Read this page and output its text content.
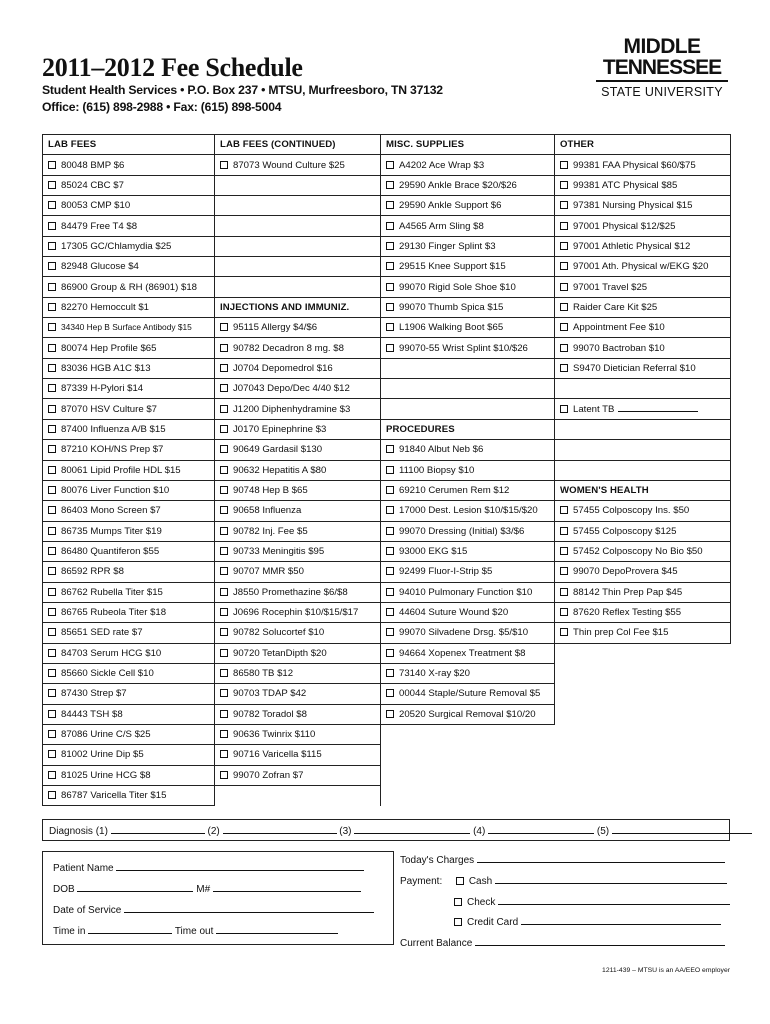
2011–2012 Fee Schedule
Student Health Services • P.O. Box 237 • MTSU, Murfreesboro, TN 37132
Office: (615) 898-2988 • Fax: (615) 898-5004
MIDDLE
TENNESSEE
STATE UNIVERSITY
LAB FEES	LAB FEES (CONTINUED)	MISC. SUPPLIES	OTHER
80048 BMP $6	87073 Wound Culture $25	A4202 Ace Wrap $3	99381 FAA Physical $60/$75
85024 CBC $7		29590 Ankle Brace $20/$26	99381 ATC Physical $85
80053 CMP $10		29590 Ankle Support $6	97381 Nursing Physical $15
84479 Free T4 $8		A4565 Arm Sling $8	97001 Physical $12/$25
17305 GC/Chlamydia $25		29130 Finger Splint $3	97001 Athletic Physical $12
82948 Glucose $4		29515 Knee Support $15	97001 Ath. Physical w/EKG $20
86900 Group & RH (86901) $18		99070 Rigid Sole Shoe $10	97001 Travel $25
82270 Hemoccult $1	INJECTIONS AND IMMUNIZ.	99070 Thumb Spica $15	Raider Care Kit $25
34340 Hep B Surface Antibody $15	95115 Allergy $4/$6	L1906 Walking Boot $65	Appointment Fee $10
80074 Hep Profile $65	90782 Decadron 8 mg. $8	99070-55 Wrist Splint $10/$26	99070 Bactroban $10
83036 HGB A1C $13	J0704 Depomedrol $16		S9470 Dietician Referral $10
87339 H-Pylori $14	J07043 Depo/Dec 4/40 $12		
87070 HSV Culture $7	J1200 Diphenhydramine $3		Latent TB
87400 Influenza A/B $15	J0170 Epinephrine $3	PROCEDURES	
87210 KOH/NS Prep $7	90649 Gardasil $130	91840 Albut Neb $6	
80061 Lipid Profile HDL $15	90632 Hepatitis A $80	11100 Biopsy $10	
80076 Liver Function $10	90748 Hep B $65	69210 Cerumen Rem $12	WOMEN'S HEALTH
86403 Mono Screen $7	90658 Influenza	17000 Dest. Lesion $10/$15/$20	57455 Colposcopy Ins. $50
86735 Mumps Titer $19	90782 Inj. Fee $5	99070 Dressing (Initial) $3/$6	57455 Colposcopy $125
86480 Quantiferon $55	90733 Meningitis $95	93000 EKG $15	57452 Colposcopy No Bio $50
86592 RPR $8	90707 MMR $50	92499 Fluor-I-Strip $5	99070 DepoProvera $45
86762 Rubella Titer $15	J8550 Promethazine $6/$8	94010 Pulmonary Function $10	88142 Thin Prep Pap $45
86765 Rubeola Titer $18	J0696 Rocephin $10/$15/$17	44604 Suture Wound $20	87620 Reflex Testing $55
85651 SED rate $7	90782 Solucortef $10	99070 Silvadene Drsg. $5/$10	Thin prep Col Fee $15
84703 Serum HCG $10	90720 TetanDipth $20	94664 Xopenex Treatment $8	
85660 Sickle Cell $10	86580 TB $12	73140 X-ray $20	
87430 Strep $7	90703 TDAP $42	00044 Staple/Suture Removal $5	
84443 TSH $8	90782 Toradol $8	20520 Surgical Removal $10/20	
87086 Urine C/S $25	90636 Twinrix $110		
81002 Urine Dip $5	90716 Varicella $115		
81025 Urine HCG $8	99070 Zofran $7		
86787 Varicella Titer $15			
Diagnosis (1)	(2)	(3)	(4)	(5)
Patient Name
DOB	M#
Date of Service
Time in	Time out
Today's Charges
Payment:	Cash
Check
Credit Card
Current Balance
1211-439 – MTSU is an AA/EEO employer
